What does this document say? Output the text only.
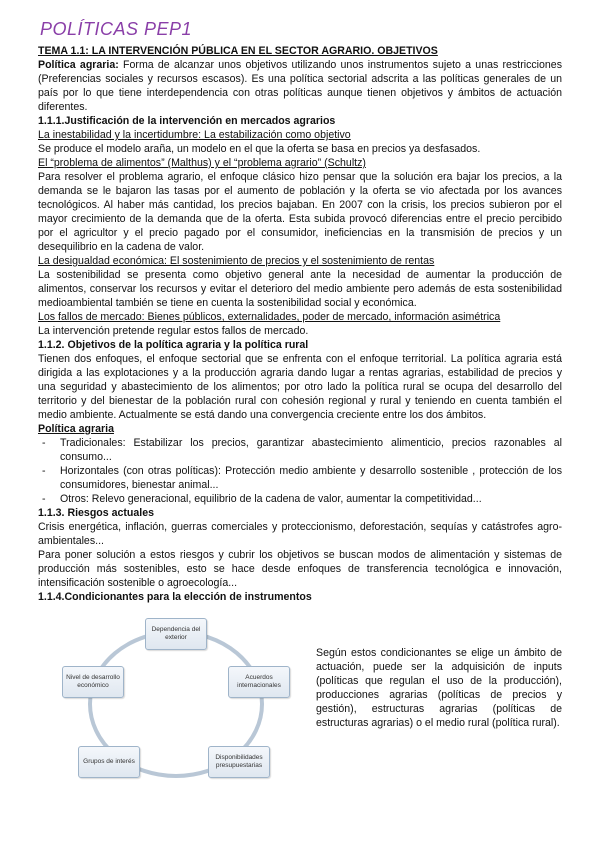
POLÍTICAS PEP1
TEMA 1.1: LA INTERVENCIÓN PÚBLICA EN EL SECTOR AGRARIO. OBJETIVOS

Política agraria: Forma de alcanzar unos objetivos utilizando unos instrumentos sujeto a unas restricciones (Preferencias sociales y recursos escasos). Es una política sectorial adscrita a las políticas generales de un país por lo que tiene interdependencia con otras políticas aunque tienen objetivos y ámbitos de actuación diferentes.

1.1.1.Justificación de la intervención en mercados agrarios
La inestabilidad y la incertidumbre: La estabilización como objetivo

Se produce el modelo araña, un modelo en el que la oferta se basa en precios ya desfasados.

El “problema de alimentos” (Malthus) y el “problema agrario” (Schultz)

Para resolver el problema agrario, el enfoque clásico hizo pensar que la solución era bajar los precios, a la demanda se le bajaron las tasas por el aumento de población y la oferta se vio afectada por los avances tecnológicos. Al haber más cantidad, los precios bajaban. En 2007 con la crisis, los precios subieron por el mayor crecimiento de la demanda que de la oferta. Esta subida provocó diferencias entre el precio percibido por el agricultor y el precio pagado por el consumidor, ineficiencias en la transmisión de precios y un desequilibrio en la cadena de valor.

La desigualdad económica: El sostenimiento de precios y el sostenimiento de rentas

La sostenibilidad se presenta como objetivo general ante la necesidad de aumentar la producción de alimentos, conservar los recursos y evitar el deterioro del medio ambiente pero además de esta sostenibilidad medioambiental también se tiene en cuenta la sostenibilidad social y económica.

Los fallos de mercado: Bienes públicos, externalidades, poder de mercado, información asimétrica

La intervención pretende regular estos fallos de mercado.

1.1.2. Objetivos de la política agraria y la política rural

Tienen dos enfoques, el enfoque sectorial que se enfrenta con el enfoque territorial. La política agraria está dirigida a las explotaciones y a la producción agraria dando lugar a rentas agrarias, estabilidad de precios y una seguridad y abastecimiento de los alimentos; por otro lado la política rural se ocupa del desarrollo del territorio y del bienestar de la población rural con cohesión regional y rural y teniendo en cuenta también el medio ambiente. Actualmente se está dando una convergencia creciente entre los dos ámbitos.

Política agraria
- Tradicionales: Estabilizar los precios, garantizar abastecimiento alimenticio, precios razonables al consumo...
- Horizontales (con otras políticas): Protección medio ambiente y desarrollo sostenible , protección de los consumidores, bienestar animal...
- Otros: Relevo generacional, equilibrio de la cadena de valor, aumentar la competitividad...
1.1.3. Riesgos actuales

Crisis energética, inflación, guerras comerciales y proteccionismo, deforestación, sequías y catástrofes agro-ambientales...

Para poner solución a estos riesgos y cubrir los objetivos se buscan modos de alimentación y sistemas de producción más sostenibles, esto se hace desde enfoques de transferencia tecnológica e innovación, intensificación sostenible o agroecología...

1.1.4.Condicionantes para la elección de instrumentos
Dependencia del exterior
Acuerdos internacionales
Disponibilidades presupuestarias
Grupos de interés
Nivel de desarrollo económico

Según estos condicionantes se elige un ámbito de actuación, puede ser la adquisición de inputs (políticas que regulan el uso de la producción), producciones agrarias (políticas de precios y gestión), estructuras agrarias (políticas de estructuras agrarias) o el medio rural (política rural).
